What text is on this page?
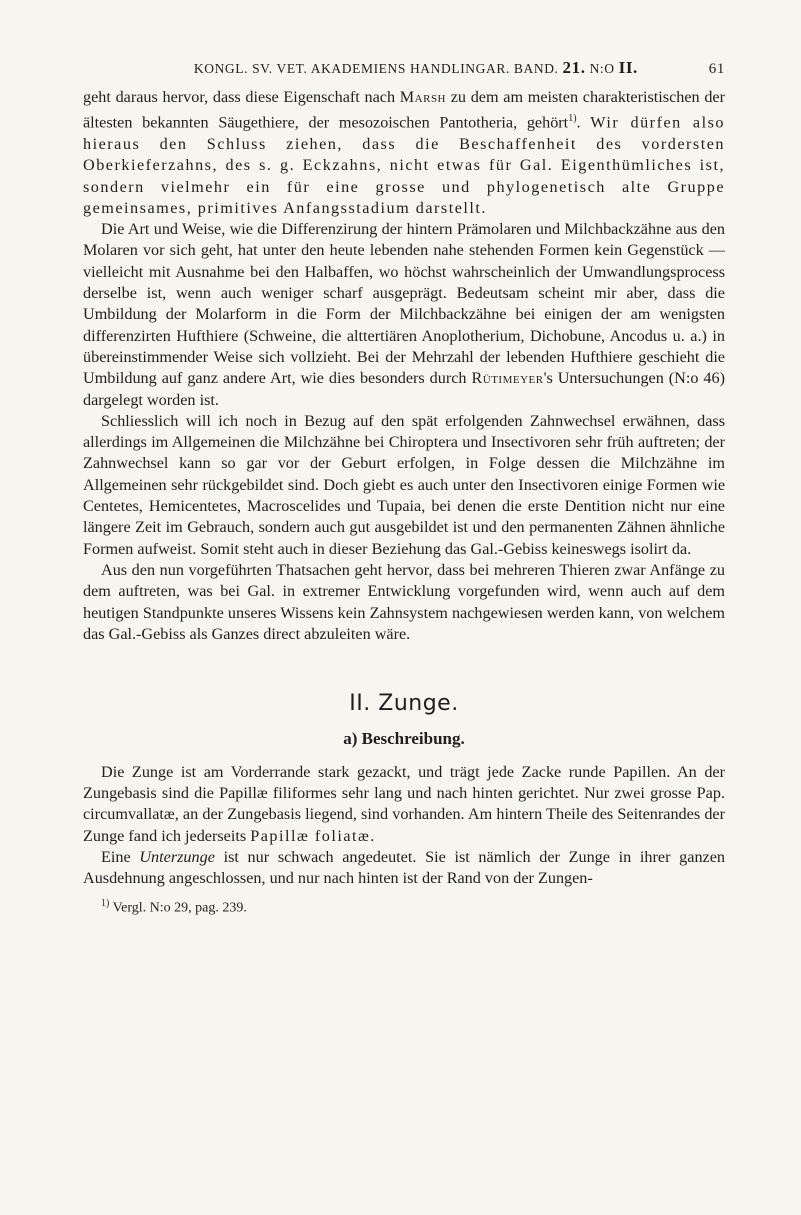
KONGL. SV. VET. AKADEMIENS HANDLINGAR. BAND. 21. N:O II.	61

geht daraus hervor, dass diese Eigenschaft nach Marsh zu dem am meisten charakteristischen der ältesten bekannten Säugethiere, der mesozoischen Pantotheria, gehört$^{1)}$. Wir dürfen also hieraus den Schluss ziehen, dass die Beschaffenheit des vordersten Oberkieferzahns, des s. g. Eckzahns, nicht etwas für Gal. Eigenthümliches ist, sondern vielmehr ein für eine grosse und phylogenetisch alte Gruppe gemeinsames, primitives Anfangsstadium darstellt.

Die Art und Weise, wie die Differenzirung der hintern Prämolaren und Milchbackzähne aus den Molaren vor sich geht, hat unter den heute lebenden nahe stehenden Formen kein Gegenstück — vielleicht mit Ausnahme bei den Halbaffen, wo höchst wahrscheinlich der Umwandlungsprocess derselbe ist, wenn auch weniger scharf ausgeprägt. Bedeutsam scheint mir aber, dass die Umbildung der Molarform in die Form der Milchbackzähne bei einigen der am wenigsten differenzirten Hufthiere (Schweine, die alttertiären Anoplotherium, Dichobune, Ancodus u. a.) in übereinstimmender Weise sich vollzieht. Bei der Mehrzahl der lebenden Hufthiere geschieht die Umbildung auf ganz andere Art, wie dies besonders durch Rütimeyer's Untersuchungen (N:o 46) dargelegt worden ist.

Schliesslich will ich noch in Bezug auf den spät erfolgenden Zahnwechsel erwähnen, dass allerdings im Allgemeinen die Milchzähne bei Chiroptera und Insectivoren sehr früh auftreten; der Zahnwechsel kann so gar vor der Geburt erfolgen, in Folge dessen die Milchzähne im Allgemeinen sehr rückgebildet sind. Doch giebt es auch unter den Insectivoren einige Formen wie Centetes, Hemicentetes, Macroscelides und Tupaia, bei denen die erste Dentition nicht nur eine längere Zeit im Gebrauch, sondern auch gut ausgebildet ist und den permanenten Zähnen ähnliche Formen aufweist. Somit steht auch in dieser Beziehung das Gal.-Gebiss keineswegs isolirt da.

Aus den nun vorgeführten Thatsachen geht hervor, dass bei mehreren Thieren zwar Anfänge zu dem auftreten, was bei Gal. in extremer Entwicklung vorgefunden wird, wenn auch auf dem heutigen Standpunkte unseres Wissens kein Zahnsystem nachgewiesen werden kann, von welchem das Gal.-Gebiss als Ganzes direct abzuleiten wäre.

II. Zunge.
a) Beschreibung.

Die Zunge ist am Vorderrande stark gezackt, und trägt jede Zacke runde Papillen. An der Zungebasis sind die Papillæ filiformes sehr lang und nach hinten gerichtet. Nur zwei grosse Pap. circumvallatæ, an der Zungebasis liegend, sind vorhanden. Am hintern Theile des Seitenrandes der Zunge fand ich jederseits Papillæ foliatæ.

Eine Unterzunge ist nur schwach angedeutet. Sie ist nämlich der Zunge in ihrer ganzen Ausdehnung angeschlossen, und nur nach hinten ist der Rand von der Zungen-

$^{1)}$ Vergl. N:o 29, pag. 239.
